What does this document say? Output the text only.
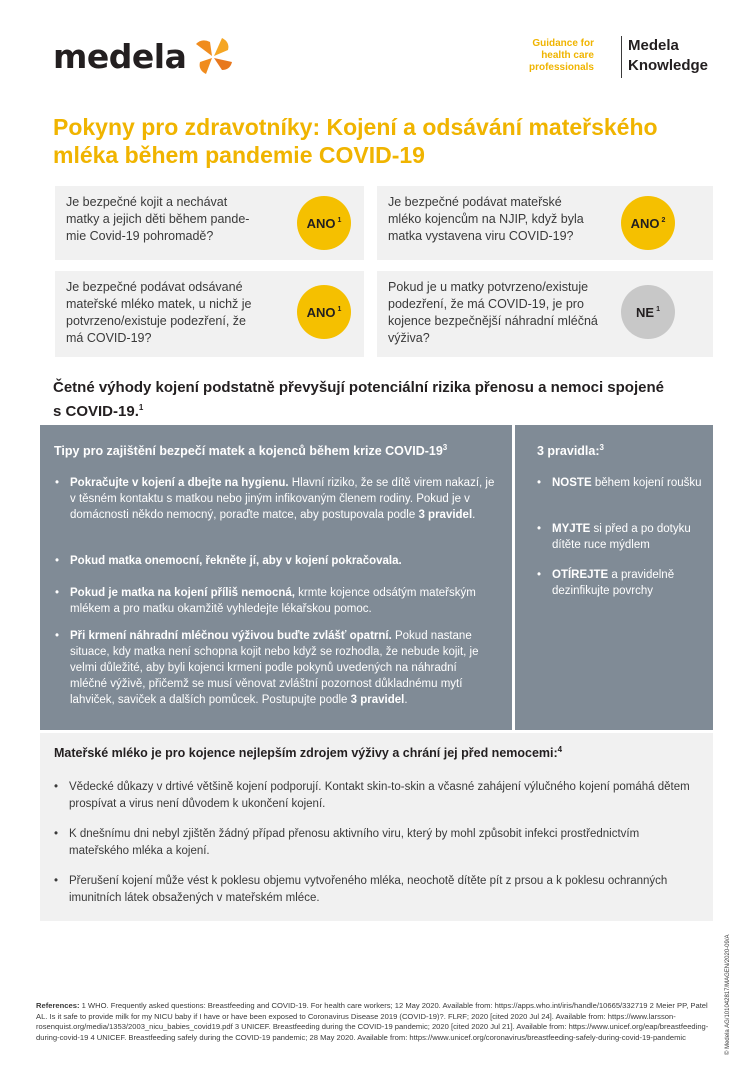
medela	Guidance for
health care
professionals
Medela
Knowledge
Pokyny pro zdravotníky: Kojení a odsávání mateřského mléka během pandemie COVID-19

Je bezpečné kojit a nechávat
matky a jejich děti během pande-
mie Covid-19 pohromadě?

ANO $^1$

Je bezpečné podávat mateřské
mléko kojencům na NJIP, když byla
matka vystavena viru COVID-19?

ANO $^2$

Je bezpečné podávat odsávané
mateřské mléko matek, u nichž je
potvrzeno/existuje podezření, že
má COVID-19?

ANO $^1$

Pokud je u matky potvrzeno/existuje
podezření, že má COVID-19, je pro
kojence bezpečnější náhradní mléčná
výživa?

NE $^1$
Četné výhody kojení podstatně převyšují potenciální rizika přenosu a nemoci spojené
s COVID-19.$^1$

Tipy pro zajištění bezpečí matek a kojenců během krize COVID-$19^3$

• Pokračujte v kojení a dbejte na hygienu. Hlavní riziko, že se dítě virem nakazí, je v těsném kontaktu s matkou nebo jiným infikovaným členem rodiny. Pokud je v domácnosti někdo nemocný, poraďte matce, aby postupovala podle 3 pravidel.

• Pokud matka onemocní, řekněte jí, aby v kojení pokračovala.

• Pokud je matka na kojení příliš nemocná, krmte kojence odsátým mateřským mlékem a pro matku okamžitě vyhledejte lékařskou pomoc.

• Při krmení náhradní mléčnou výživou buďte zvlášť opatrní. Pokud nastane situace, kdy matka není schopna kojit nebo když se rozhodla, že nebude kojit, je velmi důležité, aby byli kojenci krmeni podle pokynů uvedených na náhradní mléčné výživě, přičemž se musí věnovat zvláštní pozornost důkladnému mytí lahviček, saviček a dalších pomůcek. Postupujte podle 3 pravidel.

3 pravidla:$^3$

• NOSTE během kojení roušku

• MYJTE si před a po dotyku dítěte ruce mýdlem

• OTÍREJTE a pravidelně dezinfikujte povrchy

Mateřské mléko je pro kojence nejlepším zdrojem výživy a chrání jej před nemocemi:$^4$

• Vědecké důkazy v drtivé většině kojení podporují. Kontakt skin-to-skin a včasné zahájení výlučného kojení pomáhá dětem prospívat a virus není důvodem k ukončení kojení.

• K dnešnímu dni nebyl zjištěn žádný případ přenosu aktivního viru, který by mohl způsobit infekci prostřednictvím mateřského mléka a kojení.

• Přerušení kojení může vést k poklesu objemu vytvořeného mléka, neochotě dítěte pít z prsou a k poklesu ochranných imunitních látek obsažených v mateřském mléce.

References: 1 WHO. Frequently asked questions: Breastfeeding and COVID-19. For health care workers; 12 May 2020. Available from: https://apps.who.int/iris/handle/10665/332719 2 Meier PP, Patel AL. Is it safe to provide milk for my NICU baby if I have or have been exposed to Coronavirus Disease 2019 (COVID-19)?. FLRF; 2020 [cited 2020 Jul 24]. Available from: https://www.larsson-rosenquist.org/media/1353/2003_nicu_babies_covid19.pdf 3 UNICEF. Breastfeeding during the COVID-19 pandemic; 2020 [cited 2020 Jul 21]. Available from: https://www.unicef.org/eap/breastfeeding-during-covid-19 4 UNICEF. Breastfeeding safely during the COVID-19 pandemic; 28 May 2020. Available from: https://www.unicef.org/coronavirus/breastfeeding-safely-during-covid-19-pandemic	© Medela AG/101042817/MAGEN/2020-09/A
